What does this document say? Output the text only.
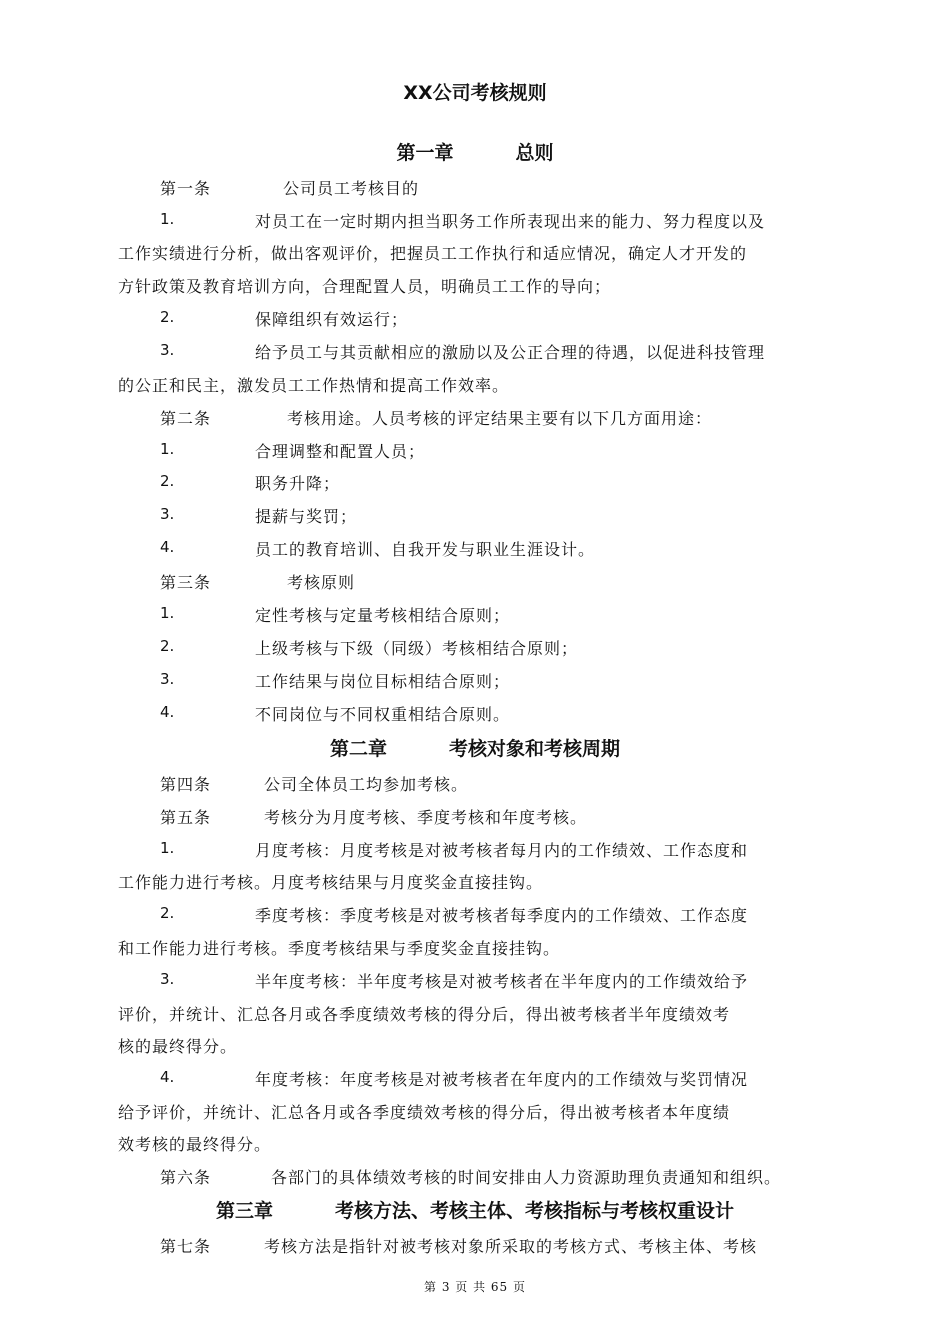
XX公司考核规则
第一章	总则
第一条	公司员工考核目的
1.	对员工在一定时期内担当职务工作所表现出来的能力、努力程度以及
工作实绩进行分析，做出客观评价，把握员工工作执行和适应情况，确定人才开发的
方针政策及教育培训方向，合理配置人员，明确员工工作的导向；
2.	保障组织有效运行；
3.	给予员工与其贡献相应的激励以及公正合理的待遇，以促进科技管理
的公正和民主，激发员工工作热情和提高工作效率。
第二条	考核用途。人员考核的评定结果主要有以下几方面用途：
1.	合理调整和配置人员；
2.	职务升降；
3.	提薪与奖罚；
4.	员工的教育培训、自我开发与职业生涯设计。
第三条	考核原则
1.	定性考核与定量考核相结合原则；
2.	上级考核与下级（同级）考核相结合原则；
3.	工作结果与岗位目标相结合原则；
4.	不同岗位与不同权重相结合原则。
第二章	考核对象和考核周期
第四条	公司全体员工均参加考核。
第五条	考核分为月度考核、季度考核和年度考核。
1.	月度考核：月度考核是对被考核者每月内的工作绩效、工作态度和
工作能力进行考核。月度考核结果与月度奖金直接挂钩。
2.	季度考核：季度考核是对被考核者每季度内的工作绩效、工作态度
和工作能力进行考核。季度考核结果与季度奖金直接挂钩。
3.	半年度考核：半年度考核是对被考核者在半年度内的工作绩效给予
评价，并统计、汇总各月或各季度绩效考核的得分后，得出被考核者半年度绩效考
核的最终得分。
4.	年度考核：年度考核是对被考核者在年度内的工作绩效与奖罚情况
给予评价，并统计、汇总各月或各季度绩效考核的得分后，得出被考核者本年度绩
效考核的最终得分。
第六条	各部门的具体绩效考核的时间安排由人力资源助理负责通知和组织。
第三章	考核方法、考核主体、考核指标与考核权重设计
第七条	考核方法是指针对被考核对象所采取的考核方式、考核主体、考核
第 3 页 共 65 页
